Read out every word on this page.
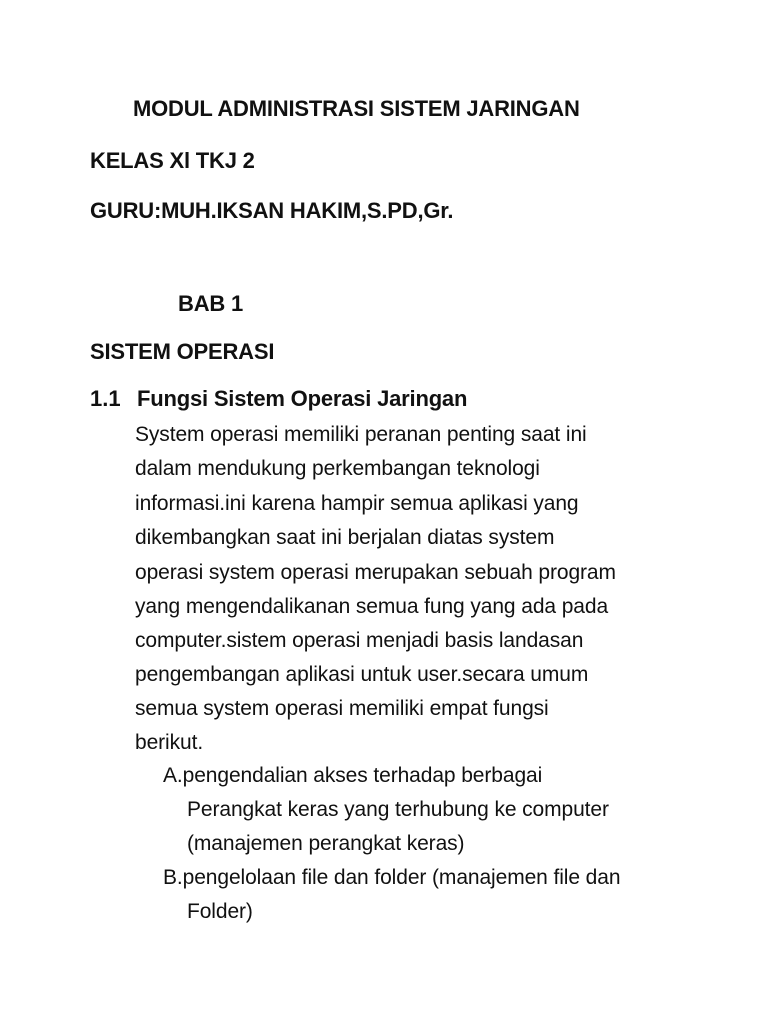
MODUL ADMINISTRASI SISTEM JARINGAN
KELAS Xl TKJ 2
GURU:MUH.IKSAN HAKIM,S.PD,Gr.
BAB 1
SISTEM OPERASI
1.1 Fungsi Sistem Operasi Jaringan
System operasi memiliki peranan penting saat ini
dalam mendukung perkembangan teknologi
informasi.ini karena hampir semua aplikasi yang
dikembangkan saat ini berjalan diatas system
operasi system operasi merupakan sebuah program
yang mengendalikanan semua fung yang ada pada
computer.sistem operasi menjadi basis landasan
pengembangan aplikasi untuk user.secara umum
semua system operasi memiliki empat fungsi
berikut.
A.pengendalian akses terhadap berbagai
Perangkat keras yang terhubung ke computer
(manajemen perangkat keras)
B.pengelolaan file dan folder (manajemen file dan
Folder)
